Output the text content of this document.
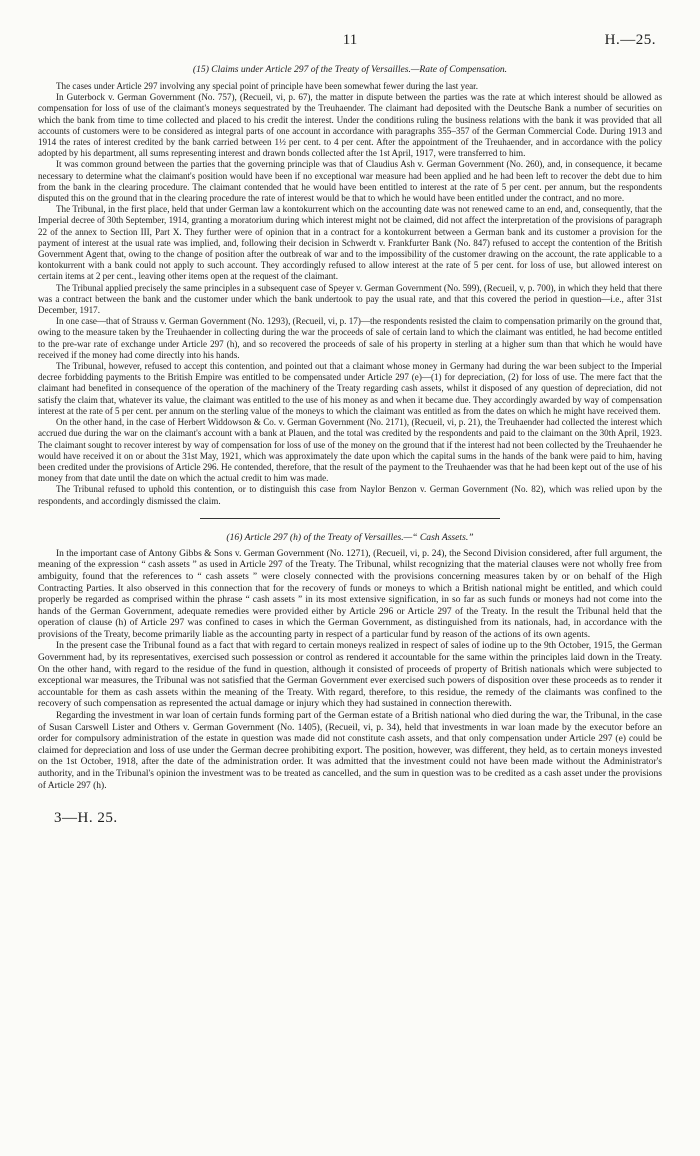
11	H.—25.
(15) Claims under Article 297 of the Treaty of Versailles.—Rate of Compensation.

The cases under Article 297 involving any special point of principle have been somewhat fewer during the last year.

In Guterbock v. German Government (No. 757), (Recueil, vi, p. 67), the matter in dispute between the parties was the rate at which interest should be allowed as compensation for loss of use of the claimant's moneys sequestrated by the Treuhaender. The claimant had deposited with the Deutsche Bank a number of securities on which the bank from time to time collected and placed to his credit the interest. Under the conditions ruling the business relations with the bank it was provided that all accounts of customers were to be considered as integral parts of one account in accordance with paragraphs 355–357 of the German Commercial Code. During 1913 and 1914 the rates of interest credited by the bank carried between 1½ per cent. to 4 per cent. After the appointment of the Treuhaender, and in accordance with the policy adopted by his department, all sums representing interest and drawn bonds collected after the 1st April, 1917, were transferred to him.

It was common ground between the parties that the governing principle was that of Claudius Ash v. German Government (No. 260), and, in consequence, it became necessary to determine what the claimant's position would have been if no exceptional war measure had been applied and he had been left to recover the debt due to him from the bank in the clearing procedure. The claimant contended that he would have been entitled to interest at the rate of 5 per cent. per annum, but the respondents disputed this on the ground that in the clearing procedure the rate of interest would be that to which he would have been entitled under the contract, and no more.

The Tribunal, in the first place, held that under German law a kontokurrent which on the accounting date was not renewed came to an end, and, consequently, that the Imperial decree of 30th September, 1914, granting a moratorium during which interest might not be claimed, did not affect the interpretation of the provisions of paragraph 22 of the annex to Section III, Part X. They further were of opinion that in a contract for a kontokurrent between a German bank and its customer a provision for the payment of interest at the usual rate was implied, and, following their decision in Schwerdt v. Frankfurter Bank (No. 847) refused to accept the contention of the British Government Agent that, owing to the change of position after the outbreak of war and to the impossibility of the customer drawing on the account, the rate applicable to a kontokurrent with a bank could not apply to such account. They accordingly refused to allow interest at the rate of 5 per cent. for loss of use, but allowed interest on certain items at 2 per cent., leaving other items open at the request of the claimant.

The Tribunal applied precisely the same principles in a subsequent case of Speyer v. German Government (No. 599), (Recueil, v, p. 700), in which they held that there was a contract between the bank and the customer under which the bank undertook to pay the usual rate, and that this covered the period in question—i.e., after 31st December, 1917.

In one case—that of Strauss v. German Government (No. 1293), (Recueil, vi, p. 17)—the respondents resisted the claim to compensation primarily on the ground that, owing to the measure taken by the Treuhaender in collecting during the war the proceeds of sale of certain land to which the claimant was entitled, he had become entitled to the pre-war rate of exchange under Article 297 (h), and so recovered the proceeds of sale of his property in sterling at a higher sum than that which he would have received if the money had come directly into his hands.

The Tribunal, however, refused to accept this contention, and pointed out that a claimant whose money in Germany had during the war been subject to the Imperial decree forbidding payments to the British Empire was entitled to be compensated under Article 297 (e)—(1) for depreciation, (2) for loss of use. The mere fact that the claimant had benefited in consequence of the operation of the machinery of the Treaty regarding cash assets, whilst it disposed of any question of depreciation, did not satisfy the claim that, whatever its value, the claimant was entitled to the use of his money as and when it became due. They accordingly awarded by way of compensation interest at the rate of 5 per cent. per annum on the sterling value of the moneys to which the claimant was entitled as from the dates on which he might have received them.

On the other hand, in the case of Herbert Widdowson & Co. v. German Government (No. 2171), (Recueil, vi, p. 21), the Treuhaender had collected the interest which accrued due during the war on the claimant's account with a bank at Plauen, and the total was credited by the respondents and paid to the claimant on the 30th April, 1923. The claimant sought to recover interest by way of compensation for loss of use of the money on the ground that if the interest had not been collected by the Treuhaender he would have received it on or about the 31st May, 1921, which was approximately the date upon which the capital sums in the hands of the bank were paid to him, having been credited under the provisions of Article 296. He contended, therefore, that the result of the payment to the Treuhaender was that he had been kept out of the use of his money from that date until the date on which the actual credit to him was made.

The Tribunal refused to uphold this contention, or to distinguish this case from Naylor Benzon v. German Government (No. 82), which was relied upon by the respondents, and accordingly dismissed the claim.

(16) Article 297 (h) of the Treaty of Versailles.—“ Cash Assets.”

In the important case of Antony Gibbs & Sons v. German Government (No. 1271), (Recueil, vi, p. 24), the Second Division considered, after full argument, the meaning of the expression “ cash assets ” as used in Article 297 of the Treaty. The Tribunal, whilst recognizing that the material clauses were not wholly free from ambiguity, found that the references to “ cash assets ” were closely connected with the provisions concerning measures taken by or on behalf of the High Contracting Parties. It also observed in this connection that for the recovery of funds or moneys to which a British national might be entitled, and which could properly be regarded as comprised within the phrase “ cash assets ” in its most extensive signification, in so far as such funds or moneys had not come into the hands of the German Government, adequate remedies were provided either by Article 296 or Article 297 of the Treaty. In the result the Tribunal held that the operation of clause (h) of Article 297 was confined to cases in which the German Government, as distinguished from its nationals, had, in accordance with the provisions of the Treaty, become primarily liable as the accounting party in respect of a particular fund by reason of the actions of its own agents.

In the present case the Tribunal found as a fact that with regard to certain moneys realized in respect of sales of iodine up to the 9th October, 1915, the German Government had, by its representatives, exercised such possession or control as rendered it accountable for the same within the principles laid down in the Treaty. On the other hand, with regard to the residue of the fund in question, although it consisted of proceeds of property of British nationals which were subjected to exceptional war measures, the Tribunal was not satisfied that the German Government ever exercised such powers of disposition over these proceeds as to render it accountable for them as cash assets within the meaning of the Treaty. With regard, therefore, to this residue, the remedy of the claimants was confined to the recovery of such compensation as represented the actual damage or injury which they had sustained in connection therewith.

Regarding the investment in war loan of certain funds forming part of the German estate of a British national who died during the war, the Tribunal, in the case of Susan Carswell Lister and Others v. German Government (No. 1405), (Recueil, vi, p. 34), held that investments in war loan made by the executor before an order for compulsory administration of the estate in question was made did not constitute cash assets, and that only compensation under Article 297 (e) could be claimed for depreciation and loss of use under the German decree prohibiting export. The position, however, was different, they held, as to certain moneys invested on the 1st October, 1918, after the date of the administration order. It was admitted that the investment could not have been made without the Administrator's authority, and in the Tribunal's opinion the investment was to be treated as cancelled, and the sum in question was to be credited as a cash asset under the provisions of Article 297 (h).

3—H. 25.
